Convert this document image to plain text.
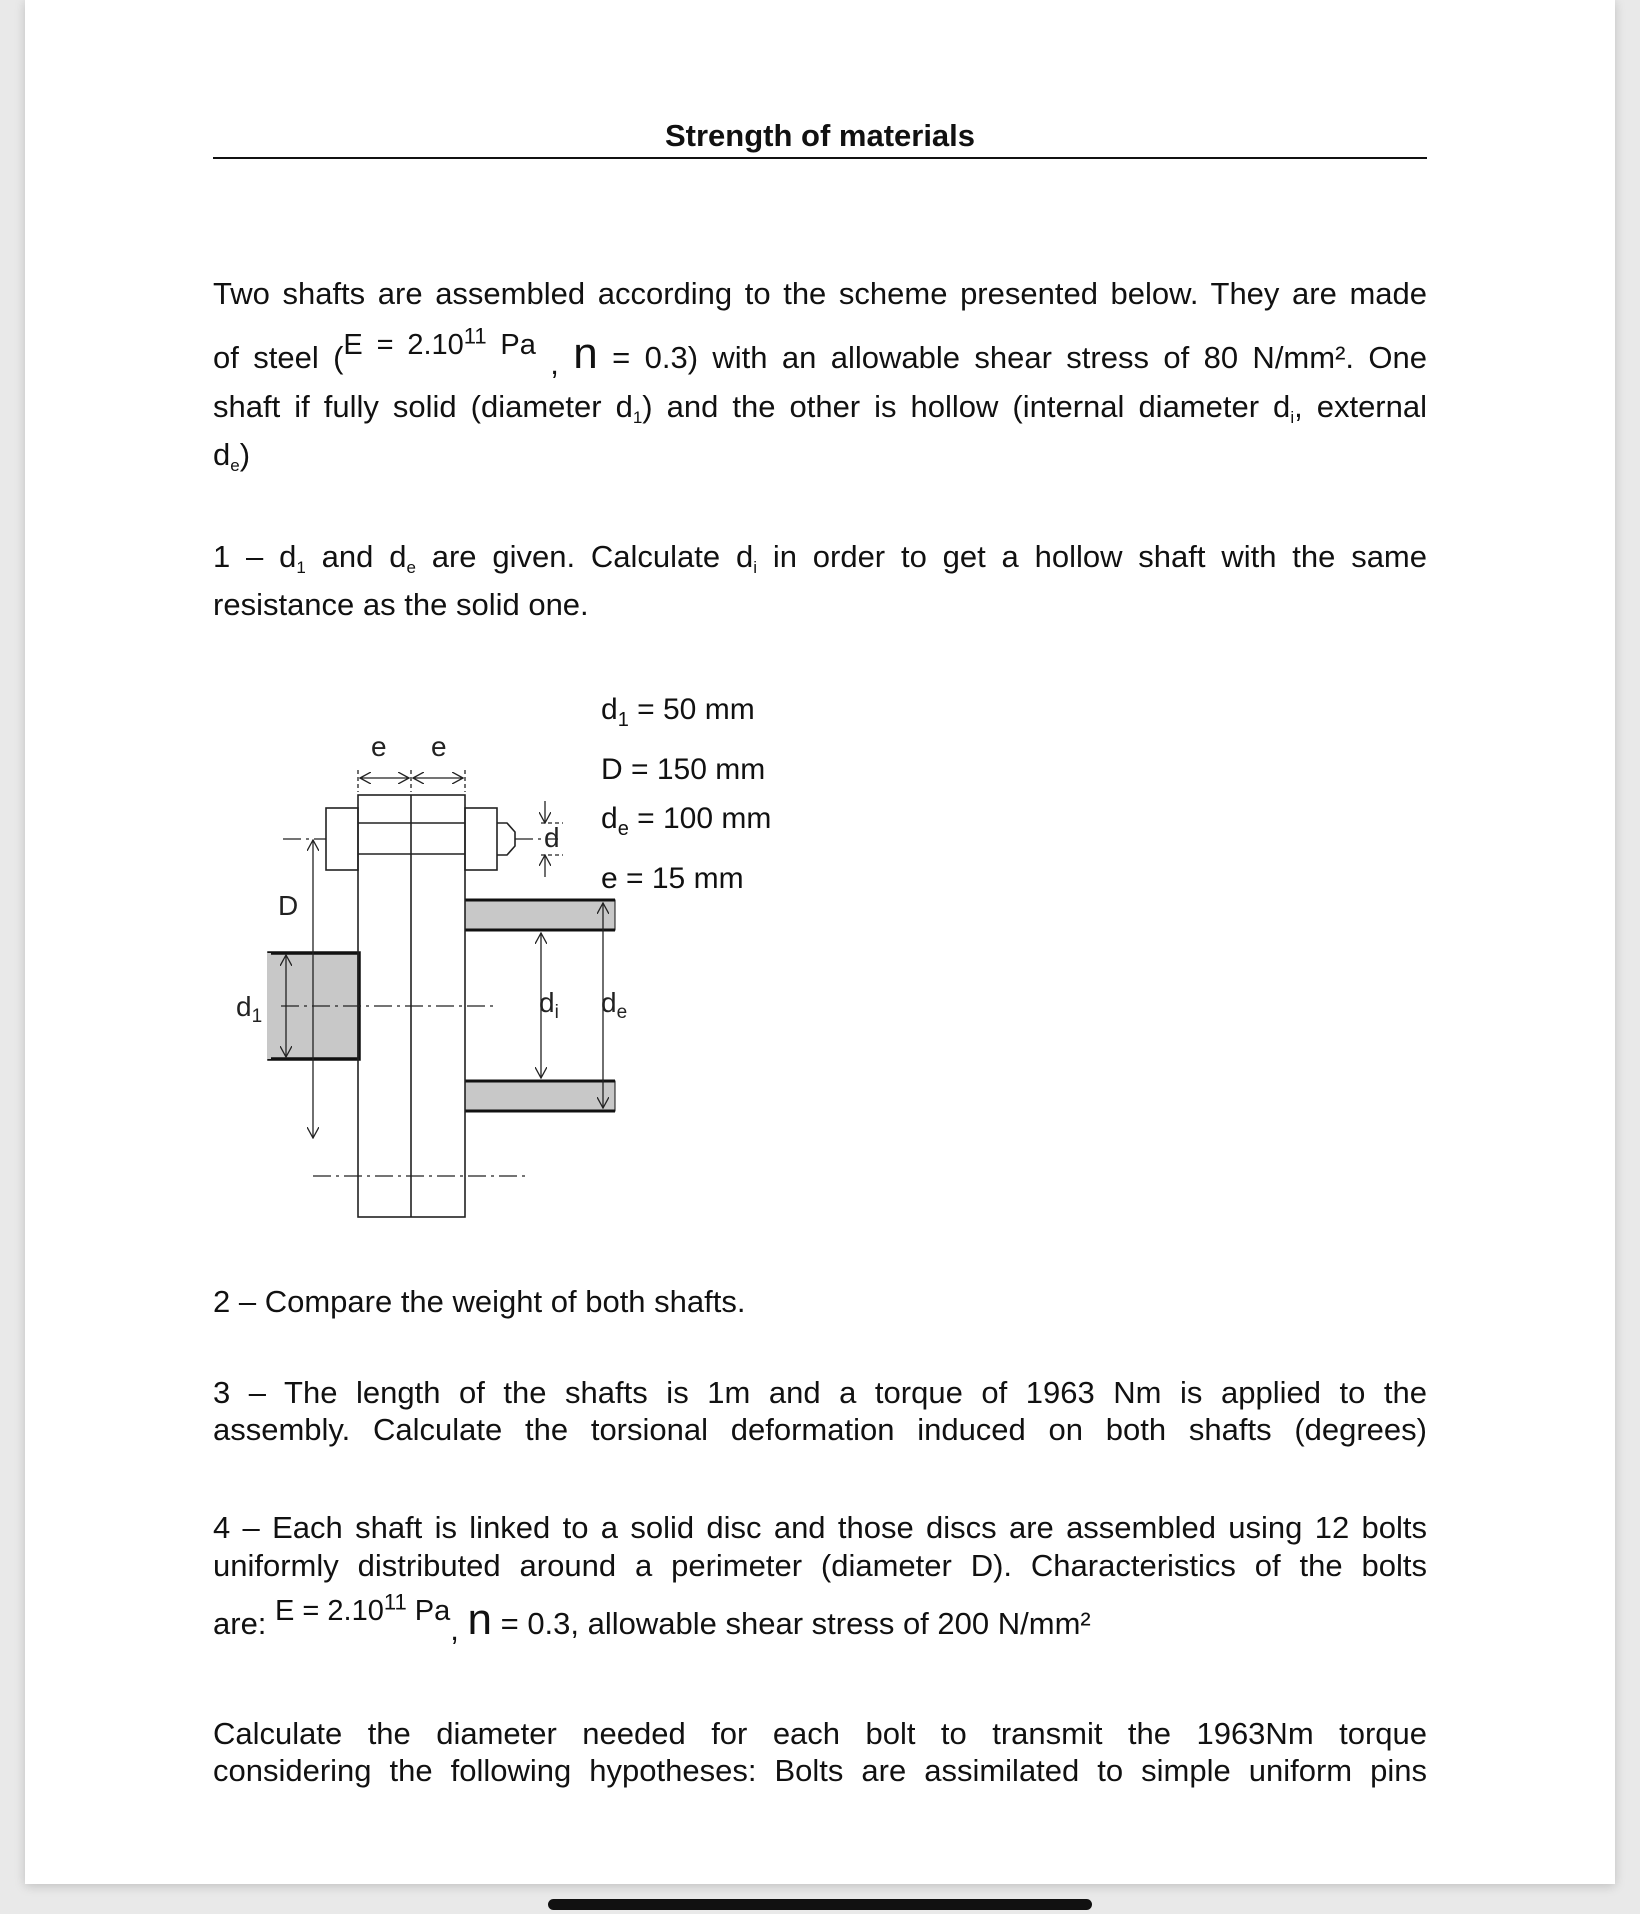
Strength of materials

Two shafts are assembled according to the scheme presented below. They are made

of steel ($E = 2.10^{11}$ Pa , n = 0.3) with an allowable shear stress of 80 N/mm². One

shaft if fully solid (diameter $d_1$) and the other is hollow (internal diameter $d_i$, external

$d_e$)

$1 - d_1$ and $d_e$ are given. Calculate $d_i$ in order to get a hollow shaft with the same

resistance as the solid one.

e e
d
D
$d_1$	$d_i$ $d_e$
$d_1 = 50$ mm
D = 150 mm
$d_e = 100$ mm
e = 15 mm

2 – Compare the weight of both shafts.

3 – The length of the shafts is 1m and a torque of 1963 Nm is applied to the

assembly. Calculate the torsional deformation induced on both shafts (degrees)

4 – Each shaft is linked to a solid disc and those discs are assembled using 12 bolts

uniformly distributed around a perimeter (diameter D). Characteristics of the bolts

are: $E = 2.10^{11}$ Pa, n = 0.3, allowable shear stress of 200 N/mm²

Calculate the diameter needed for each bolt to transmit the 1963Nm torque

considering the following hypotheses: Bolts are assimilated to simple uniform pins
